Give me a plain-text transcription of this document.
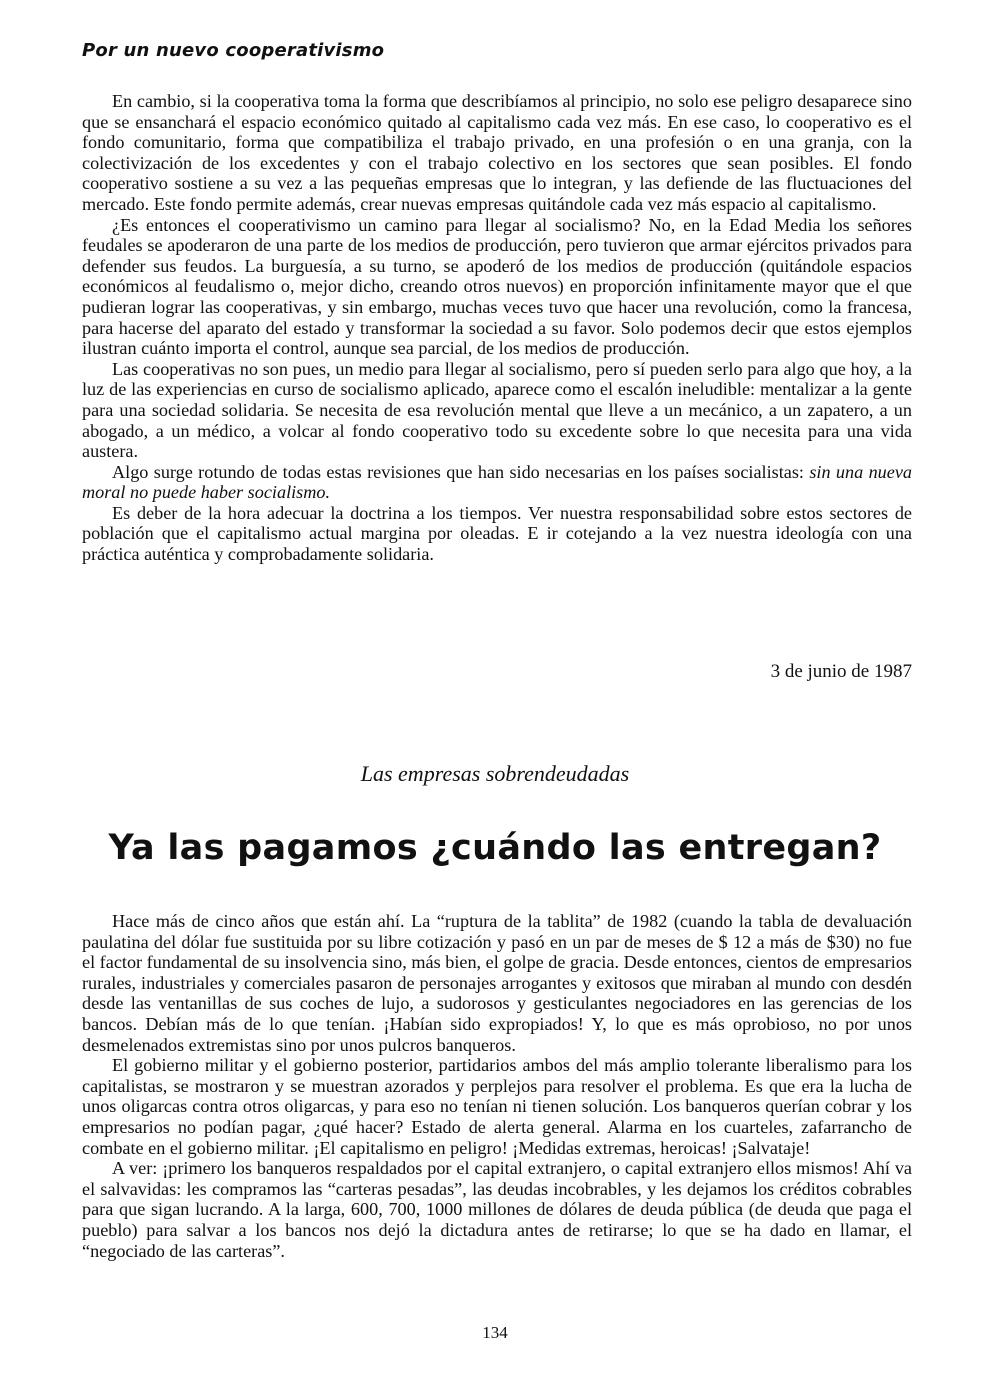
Por un nuevo cooperativismo

En cambio, si la cooperativa toma la forma que describíamos al principio, no solo ese peligro desaparece sino que se ensanchará el espacio económico quitado al capitalismo cada vez más. En ese caso, lo cooperativo es el fondo comunitario, forma que compatibiliza el trabajo privado, en una profesión o en una granja, con la colectivización de los excedentes y con el trabajo colectivo en los sectores que sean posibles. El fondo cooperativo sostiene a su vez a las pequeñas empresas que lo integran, y las defiende de las fluctuaciones del mercado. Este fondo permite además, crear nuevas empresas quitándole cada vez más espacio al capitalismo.

¿Es entonces el cooperativismo un camino para llegar al socialismo? No, en la Edad Media los señores feudales se apoderaron de una parte de los medios de producción, pero tuvieron que armar ejércitos privados para defender sus feudos. La burguesía, a su turno, se apoderó de los medios de producción (quitándole espacios económicos al feudalismo o, mejor dicho, creando otros nuevos) en proporción infinitamente mayor que el que pudieran lograr las cooperativas, y sin embargo, muchas veces tuvo que hacer una revolución, como la francesa, para hacerse del aparato del estado y transformar la sociedad a su favor. Solo podemos decir que estos ejemplos ilustran cuánto importa el control, aunque sea parcial, de los medios de producción.

Las cooperativas no son pues, un medio para llegar al socialismo, pero sí pueden serlo para algo que hoy, a la luz de las experiencias en curso de socialismo aplicado, aparece como el escalón ineludible: mentalizar a la gente para una sociedad solidaria. Se necesita de esa revolución mental que lleve a un mecánico, a un zapatero, a un abogado, a un médico, a volcar al fondo cooperativo todo su excedente sobre lo que necesita para una vida austera.

Algo surge rotundo de todas estas revisiones que han sido necesarias en los países socialistas: sin una nueva moral no puede haber socialismo.

Es deber de la hora adecuar la doctrina a los tiempos. Ver nuestra responsabilidad sobre estos sectores de población que el capitalismo actual margina por oleadas. E ir cotejando a la vez nuestra ideología con una práctica auténtica y comprobadamente solidaria.

3 de junio de 1987
Las empresas sobrendeudadas
Ya las pagamos ¿cuándo las entregan?

Hace más de cinco años que están ahí. La “ruptura de la tablita” de 1982 (cuando la tabla de devaluación paulatina del dólar fue sustituida por su libre cotización y pasó en un par de meses de $ 12 a más de $30) no fue el factor fundamental de su insolvencia sino, más bien, el golpe de gracia. Desde entonces, cientos de empresarios rurales, industriales y comerciales pasaron de personajes arrogantes y exitosos que miraban al mundo con desdén desde las ventanillas de sus coches de lujo, a sudorosos y gesticulantes negociadores en las gerencias de los bancos. Debían más de lo que tenían. ¡Habían sido expropiados! Y, lo que es más oprobioso, no por unos desmelenados extremistas sino por unos pulcros banqueros.

El gobierno militar y el gobierno posterior, partidarios ambos del más amplio tolerante liberalismo para los capitalistas, se mostraron y se muestran azorados y perplejos para resolver el problema. Es que era la lucha de unos oligarcas contra otros oligarcas, y para eso no tenían ni tienen solución. Los banqueros querían cobrar y los empresarios no podían pagar, ¿qué hacer? Estado de alerta general. Alarma en los cuarteles, zafarrancho de combate en el gobierno militar. ¡El capitalismo en peligro! ¡Medidas extremas, heroicas! ¡Salvataje!

A ver: ¡primero los banqueros respaldados por el capital extranjero, o capital extranjero ellos mismos! Ahí va el salvavidas: les compramos las “carteras pesadas”, las deudas incobrables, y les dejamos los créditos cobrables para que sigan lucrando. A la larga, 600, 700, 1000 millones de dólares de deuda pública (de deuda que paga el pueblo) para salvar a los bancos nos dejó la dictadura antes de retirarse; lo que se ha dado en llamar, el “negociado de las carteras”.

134
